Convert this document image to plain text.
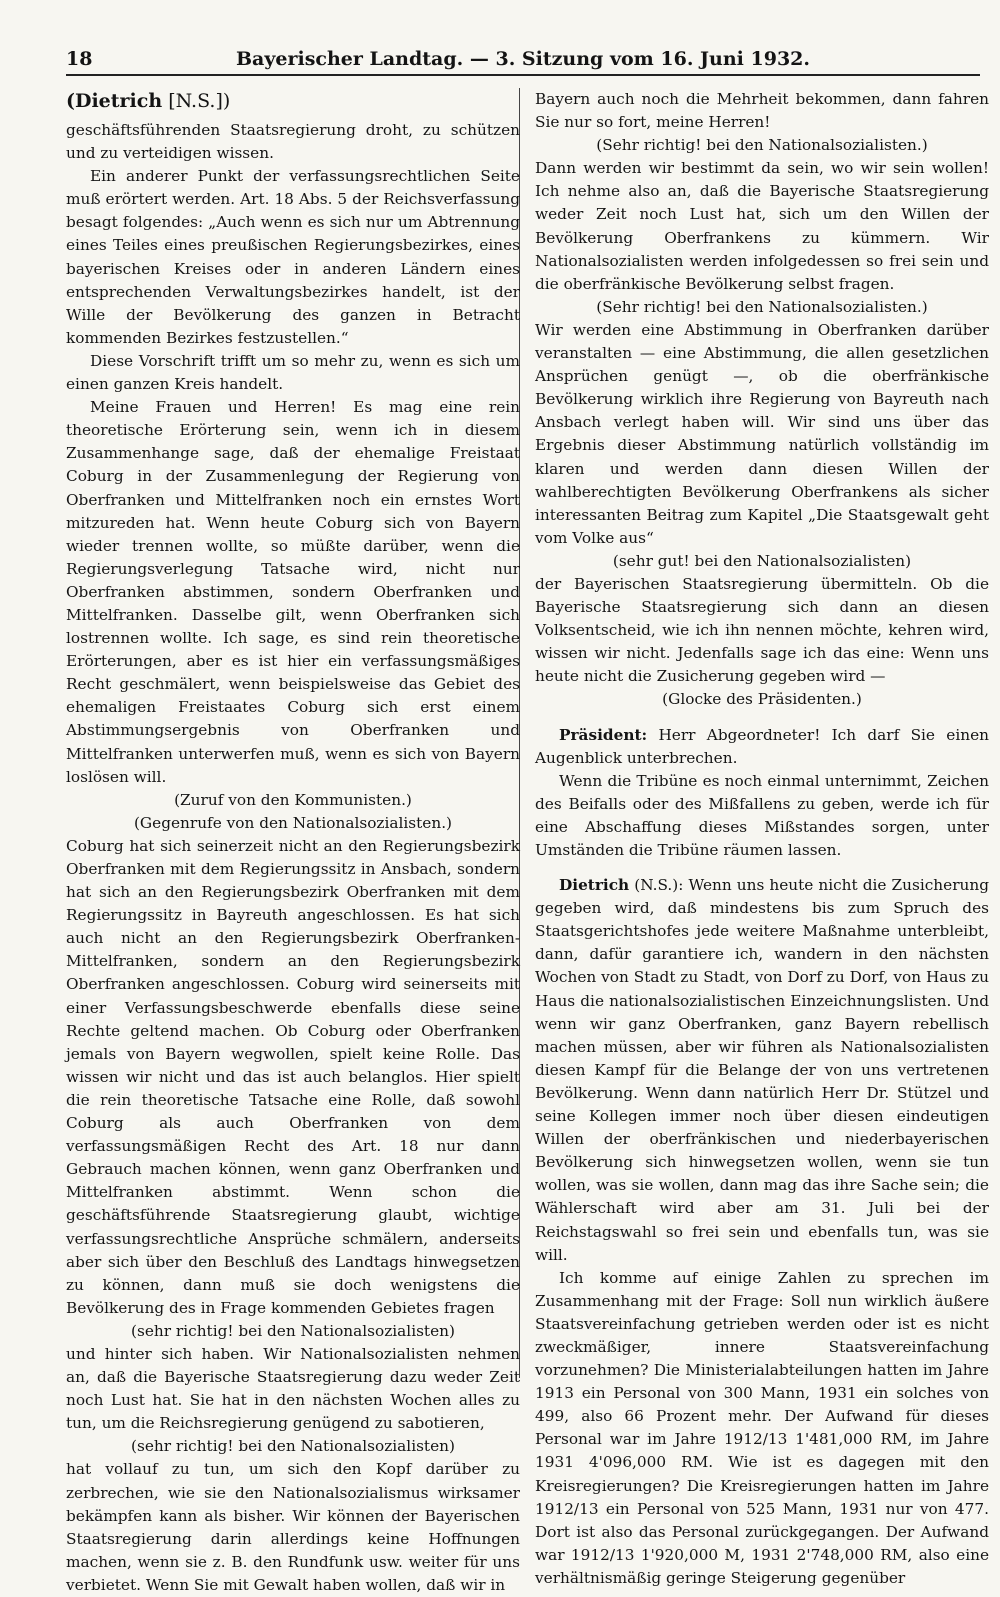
18	Bayerischer Landtag. — 3. Sitzung vom 16. Juni 1932.

(Dietrich [N.S.])

geschäftsführenden Staatsregierung droht, zu schützen und zu verteidigen wissen.

Ein anderer Punkt der verfassungsrechtlichen Seite muß erörtert werden. Art. 18 Abs. 5 der Reichsverfassung besagt folgendes: „Auch wenn es sich nur um Abtrennung eines Teiles eines preußischen Regierungsbezirkes, eines bayerischen Kreises oder in anderen Ländern eines entsprechenden Verwaltungsbezirkes handelt, ist der Wille der Bevölkerung des ganzen in Betracht kommenden Bezirkes festzustellen.“

Diese Vorschrift trifft um so mehr zu, wenn es sich um einen ganzen Kreis handelt.

Meine Frauen und Herren! Es mag eine rein theoretische Erörterung sein, wenn ich in diesem Zusammenhange sage, daß der ehemalige Freistaat Coburg in der Zusammenlegung der Regierung von Oberfranken und Mittelfranken noch ein ernstes Wort mitzureden hat. Wenn heute Coburg sich von Bayern wieder trennen wollte, so müßte darüber, wenn die Regierungsverlegung Tatsache wird, nicht nur Oberfranken abstimmen, sondern Oberfranken und Mittelfranken. Dasselbe gilt, wenn Oberfranken sich lostrennen wollte. Ich sage, es sind rein theoretische Erörterungen, aber es ist hier ein verfassungsmäßiges Recht geschmälert, wenn beispielsweise das Gebiet des ehemaligen Freistaates Coburg sich erst einem Abstimmungsergebnis von Oberfranken und Mittelfranken unterwerfen muß, wenn es sich von Bayern loslösen will.

(Zuruf von den Kommunisten.)

(Gegenrufe von den Nationalsozialisten.)

Coburg hat sich seinerzeit nicht an den Regierungsbezirk Oberfranken mit dem Regierungssitz in Ansbach, sondern hat sich an den Regierungsbezirk Oberfranken mit dem Regierungssitz in Bayreuth angeschlossen. Es hat sich auch nicht an den Regierungsbezirk Oberfranken-Mittelfranken, sondern an den Regierungsbezirk Oberfranken angeschlossen. Coburg wird seinerseits mit einer Verfassungsbeschwerde ebenfalls diese seine Rechte geltend machen. Ob Coburg oder Oberfranken jemals von Bayern wegwollen, spielt keine Rolle. Das wissen wir nicht und das ist auch belanglos. Hier spielt die rein theoretische Tatsache eine Rolle, daß sowohl Coburg als auch Oberfranken von dem verfassungsmäßigen Recht des Art. 18 nur dann Gebrauch machen können, wenn ganz Oberfranken und Mittelfranken abstimmt. Wenn schon die geschäftsführende Staatsregierung glaubt, wichtige verfassungsrechtliche Ansprüche schmälern, anderseits aber sich über den Beschluß des Landtags hinwegsetzen zu können, dann muß sie doch wenigstens die Bevölkerung des in Frage kommenden Gebietes fragen

(sehr richtig! bei den Nationalsozialisten)

und hinter sich haben. Wir Nationalsozialisten nehmen an, daß die Bayerische Staatsregierung dazu weder Zeit noch Lust hat. Sie hat in den nächsten Wochen alles zu tun, um die Reichsregierung genügend zu sabotieren,

(sehr richtig! bei den Nationalsozialisten)

hat vollauf zu tun, um sich den Kopf darüber zu zerbrechen, wie sie den Nationalsozialismus wirksamer bekämpfen kann als bisher. Wir können der Bayerischen Staatsregierung darin allerdings keine Hoffnungen machen, wenn sie z. B. den Rundfunk usw. weiter für uns verbietet. Wenn Sie mit Gewalt haben wollen, daß wir in

Bayern auch noch die Mehrheit bekommen, dann fahren Sie nur so fort, meine Herren!

(Sehr richtig! bei den Nationalsozialisten.)

Dann werden wir bestimmt da sein, wo wir sein wollen! Ich nehme also an, daß die Bayerische Staatsregierung weder Zeit noch Lust hat, sich um den Willen der Bevölkerung Oberfrankens zu kümmern. Wir Nationalsozialisten werden infolgedessen so frei sein und die oberfränkische Bevölkerung selbst fragen.

(Sehr richtig! bei den Nationalsozialisten.)

Wir werden eine Abstimmung in Oberfranken darüber veranstalten — eine Abstimmung, die allen gesetzlichen Ansprüchen genügt —, ob die oberfränkische Bevölkerung wirklich ihre Regierung von Bayreuth nach Ansbach verlegt haben will. Wir sind uns über das Ergebnis dieser Abstimmung natürlich vollständig im klaren und werden dann diesen Willen der wahlberechtigten Bevölkerung Oberfrankens als sicher interessanten Beitrag zum Kapitel „Die Staatsgewalt geht vom Volke aus“

(sehr gut! bei den Nationalsozialisten)

der Bayerischen Staatsregierung übermitteln. Ob die Bayerische Staatsregierung sich dann an diesen Volksentscheid, wie ich ihn nennen möchte, kehren wird, wissen wir nicht. Jedenfalls sage ich das eine: Wenn uns heute nicht die Zusicherung gegeben wird —

(Glocke des Präsidenten.)

Präsident: Herr Abgeordneter! Ich darf Sie einen Augenblick unterbrechen.

Wenn die Tribüne es noch einmal unternimmt, Zeichen des Beifalls oder des Mißfallens zu geben, werde ich für eine Abschaffung dieses Mißstandes sorgen, unter Umständen die Tribüne räumen lassen.

Dietrich (N.S.): Wenn uns heute nicht die Zusicherung gegeben wird, daß mindestens bis zum Spruch des Staatsgerichtshofes jede weitere Maßnahme unterbleibt, dann, dafür garantiere ich, wandern in den nächsten Wochen von Stadt zu Stadt, von Dorf zu Dorf, von Haus zu Haus die nationalsozialistischen Einzeichnungslisten. Und wenn wir ganz Oberfranken, ganz Bayern rebellisch machen müssen, aber wir führen als Nationalsozialisten diesen Kampf für die Belange der von uns vertretenen Bevölkerung. Wenn dann natürlich Herr Dr. Stützel und seine Kollegen immer noch über diesen eindeutigen Willen der oberfränkischen und niederbayerischen Bevölkerung sich hinwegsetzen wollen, wenn sie tun wollen, was sie wollen, dann mag das ihre Sache sein; die Wählerschaft wird aber am 31. Juli bei der Reichstagswahl so frei sein und ebenfalls tun, was sie will.

Ich komme auf einige Zahlen zu sprechen im Zusammenhang mit der Frage: Soll nun wirklich äußere Staatsvereinfachung getrieben werden oder ist es nicht zweckmäßiger, innere Staatsvereinfachung vorzunehmen? Die Ministerialabteilungen hatten im Jahre 1913 ein Personal von 300 Mann, 1931 ein solches von 499, also 66 Prozent mehr. Der Aufwand für dieses Personal war im Jahre 1912/13 1'481,000 RM, im Jahre 1931 4'096,000 RM. Wie ist es dagegen mit den Kreisregierungen? Die Kreisregierungen hatten im Jahre 1912/13 ein Personal von 525 Mann, 1931 nur von 477. Dort ist also das Personal zurückgegangen. Der Aufwand war 1912/13 1'920,000 M, 1931 2'748,000 RM, also eine verhältnismäßig geringe Steigerung gegenüber
